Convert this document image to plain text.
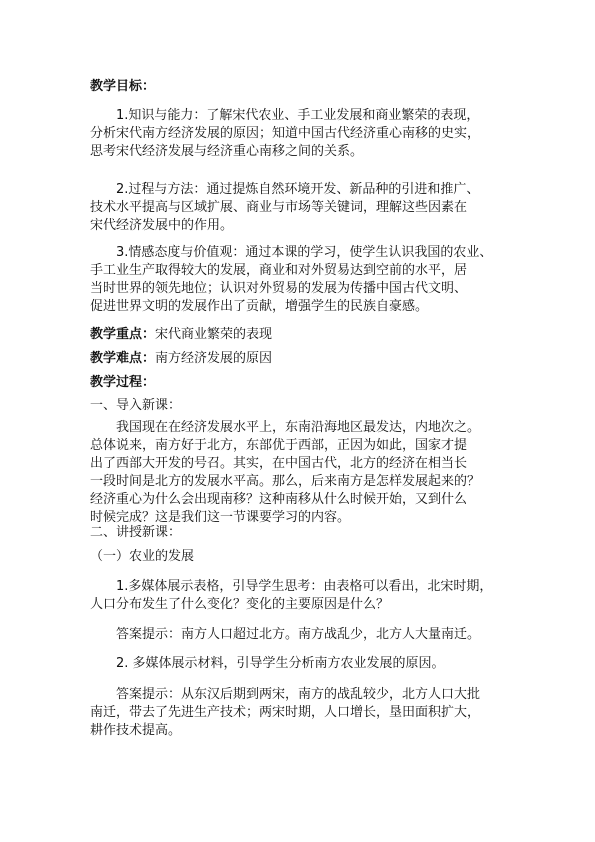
教学目标：
1.知识与能力：了解宋代农业、手工业发展和商业繁荣的表现，
分析宋代南方经济发展的原因；知道中国古代经济重心南移的史实，
思考宋代经济发展与经济重心南移之间的关系。
2.过程与方法：通过提炼自然环境开发、新品种的引进和推广、
技术水平提高与区域扩展、商业与市场等关键词，理解这些因素在
宋代经济发展中的作用。
3.情感态度与价值观：通过本课的学习，使学生认识我国的农业、
手工业生产取得较大的发展，商业和对外贸易达到空前的水平，居
当时世界的领先地位；认识对外贸易的发展为传播中国古代文明、
促进世界文明的发展作出了贡献，增强学生的民族自豪感。
教学重点：宋代商业繁荣的表现
教学难点：南方经济发展的原因
教学过程：
一、导入新课：
我国现在在经济发展水平上，东南沿海地区最发达，内地次之。
总体说来，南方好于北方，东部优于西部，正因为如此，国家才提
出了西部大开发的号召。其实，在中国古代，北方的经济在相当长
一段时间是北方的发展水平高。那么，后来南方是怎样发展起来的？
经济重心为什么会出现南移？这种南移从什么时候开始，又到什么
时候完成？这是我们这一节课要学习的内容。
二、讲授新课：
（一）农业的发展
1.多媒体展示表格，引导学生思考：由表格可以看出，北宋时期，
人口分布发生了什么变化？变化的主要原因是什么？
答案提示：南方人口超过北方。南方战乱少，北方人大量南迁。
2. 多媒体展示材料，引导学生分析南方农业发展的原因。
答案提示：从东汉后期到两宋，南方的战乱较少，北方人口大批
南迁，带去了先进生产技术；两宋时期，人口增长，垦田面积扩大，
耕作技术提高。
